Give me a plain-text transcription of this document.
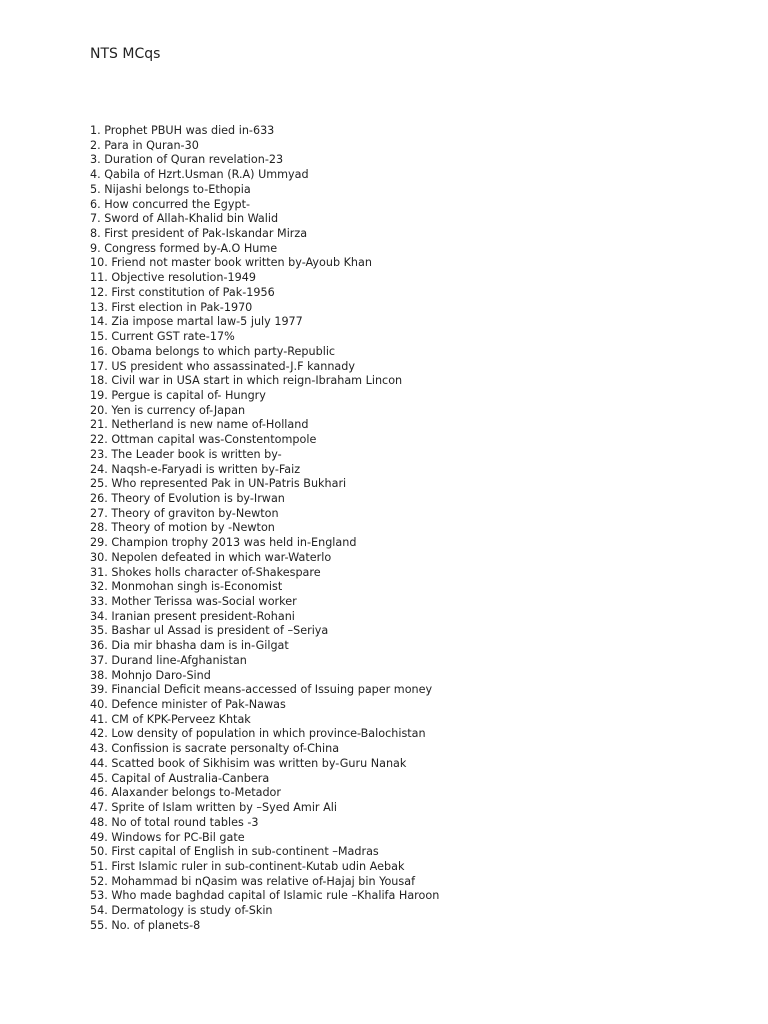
NTS MCqs
1. Prophet PBUH was died in-633
2. Para in Quran-30
3. Duration of Quran revelation-23
4. Qabila of Hzrt.Usman (R.A) Ummyad
5. Nijashi belongs to-Ethopia
6. How concurred the Egypt-
7. Sword of Allah-Khalid bin Walid
8. First president of Pak-Iskandar Mirza
9. Congress formed by-A.O Hume
10. Friend not master book written by-Ayoub Khan
11. Objective resolution-1949
12. First constitution of Pak-1956
13. First election in Pak-1970
14. Zia impose martal law-5 july 1977
15. Current GST rate-17%
16. Obama belongs to which party-Republic
17. US president who assassinated-J.F kannady
18. Civil war in USA start in which reign-Ibraham Lincon
19. Pergue is capital of- Hungry
20. Yen is currency of-Japan
21. Netherland is new name of-Holland
22. Ottman capital was-Constentompole
23. The Leader book is written by-
24. Naqsh-e-Faryadi is written by-Faiz
25. Who represented Pak in UN-Patris Bukhari
26. Theory of Evolution is by-Irwan
27. Theory of graviton by-Newton
28. Theory of motion by -Newton
29. Champion trophy 2013 was held in-England
30. Nepolen defeated in which war-Waterlo
31. Shokes holls character of-Shakespare
32. Monmohan singh is-Economist
33. Mother Terissa was-Social worker
34. Iranian present president-Rohani
35. Bashar ul Assad is president of –Seriya
36. Dia mir bhasha dam is in-Gilgat
37. Durand line-Afghanistan
38. Mohnjo Daro-Sind
39. Financial Deficit means-accessed of Issuing paper money
40. Defence minister of Pak-Nawas
41. CM of KPK-Perveez Khtak
42. Low density of population in which province-Balochistan
43. Confission is sacrate personalty of-China
44. Scatted book of Sikhisim was written by-Guru Nanak
45. Capital of Australia-Canbera
46. Alaxander belongs to-Metador
47. Sprite of Islam written by –Syed Amir Ali
48. No of total round tables -3
49. Windows for PC-Bil gate
50. First capital of English in sub-continent –Madras
51. First Islamic ruler in sub-continent-Kutab udin Aebak
52. Mohammad bi nQasim was relative of-Hajaj bin Yousaf
53. Who made baghdad capital of Islamic rule –Khalifa Haroon
54. Dermatology is study of-Skin
55. No. of planets-8
